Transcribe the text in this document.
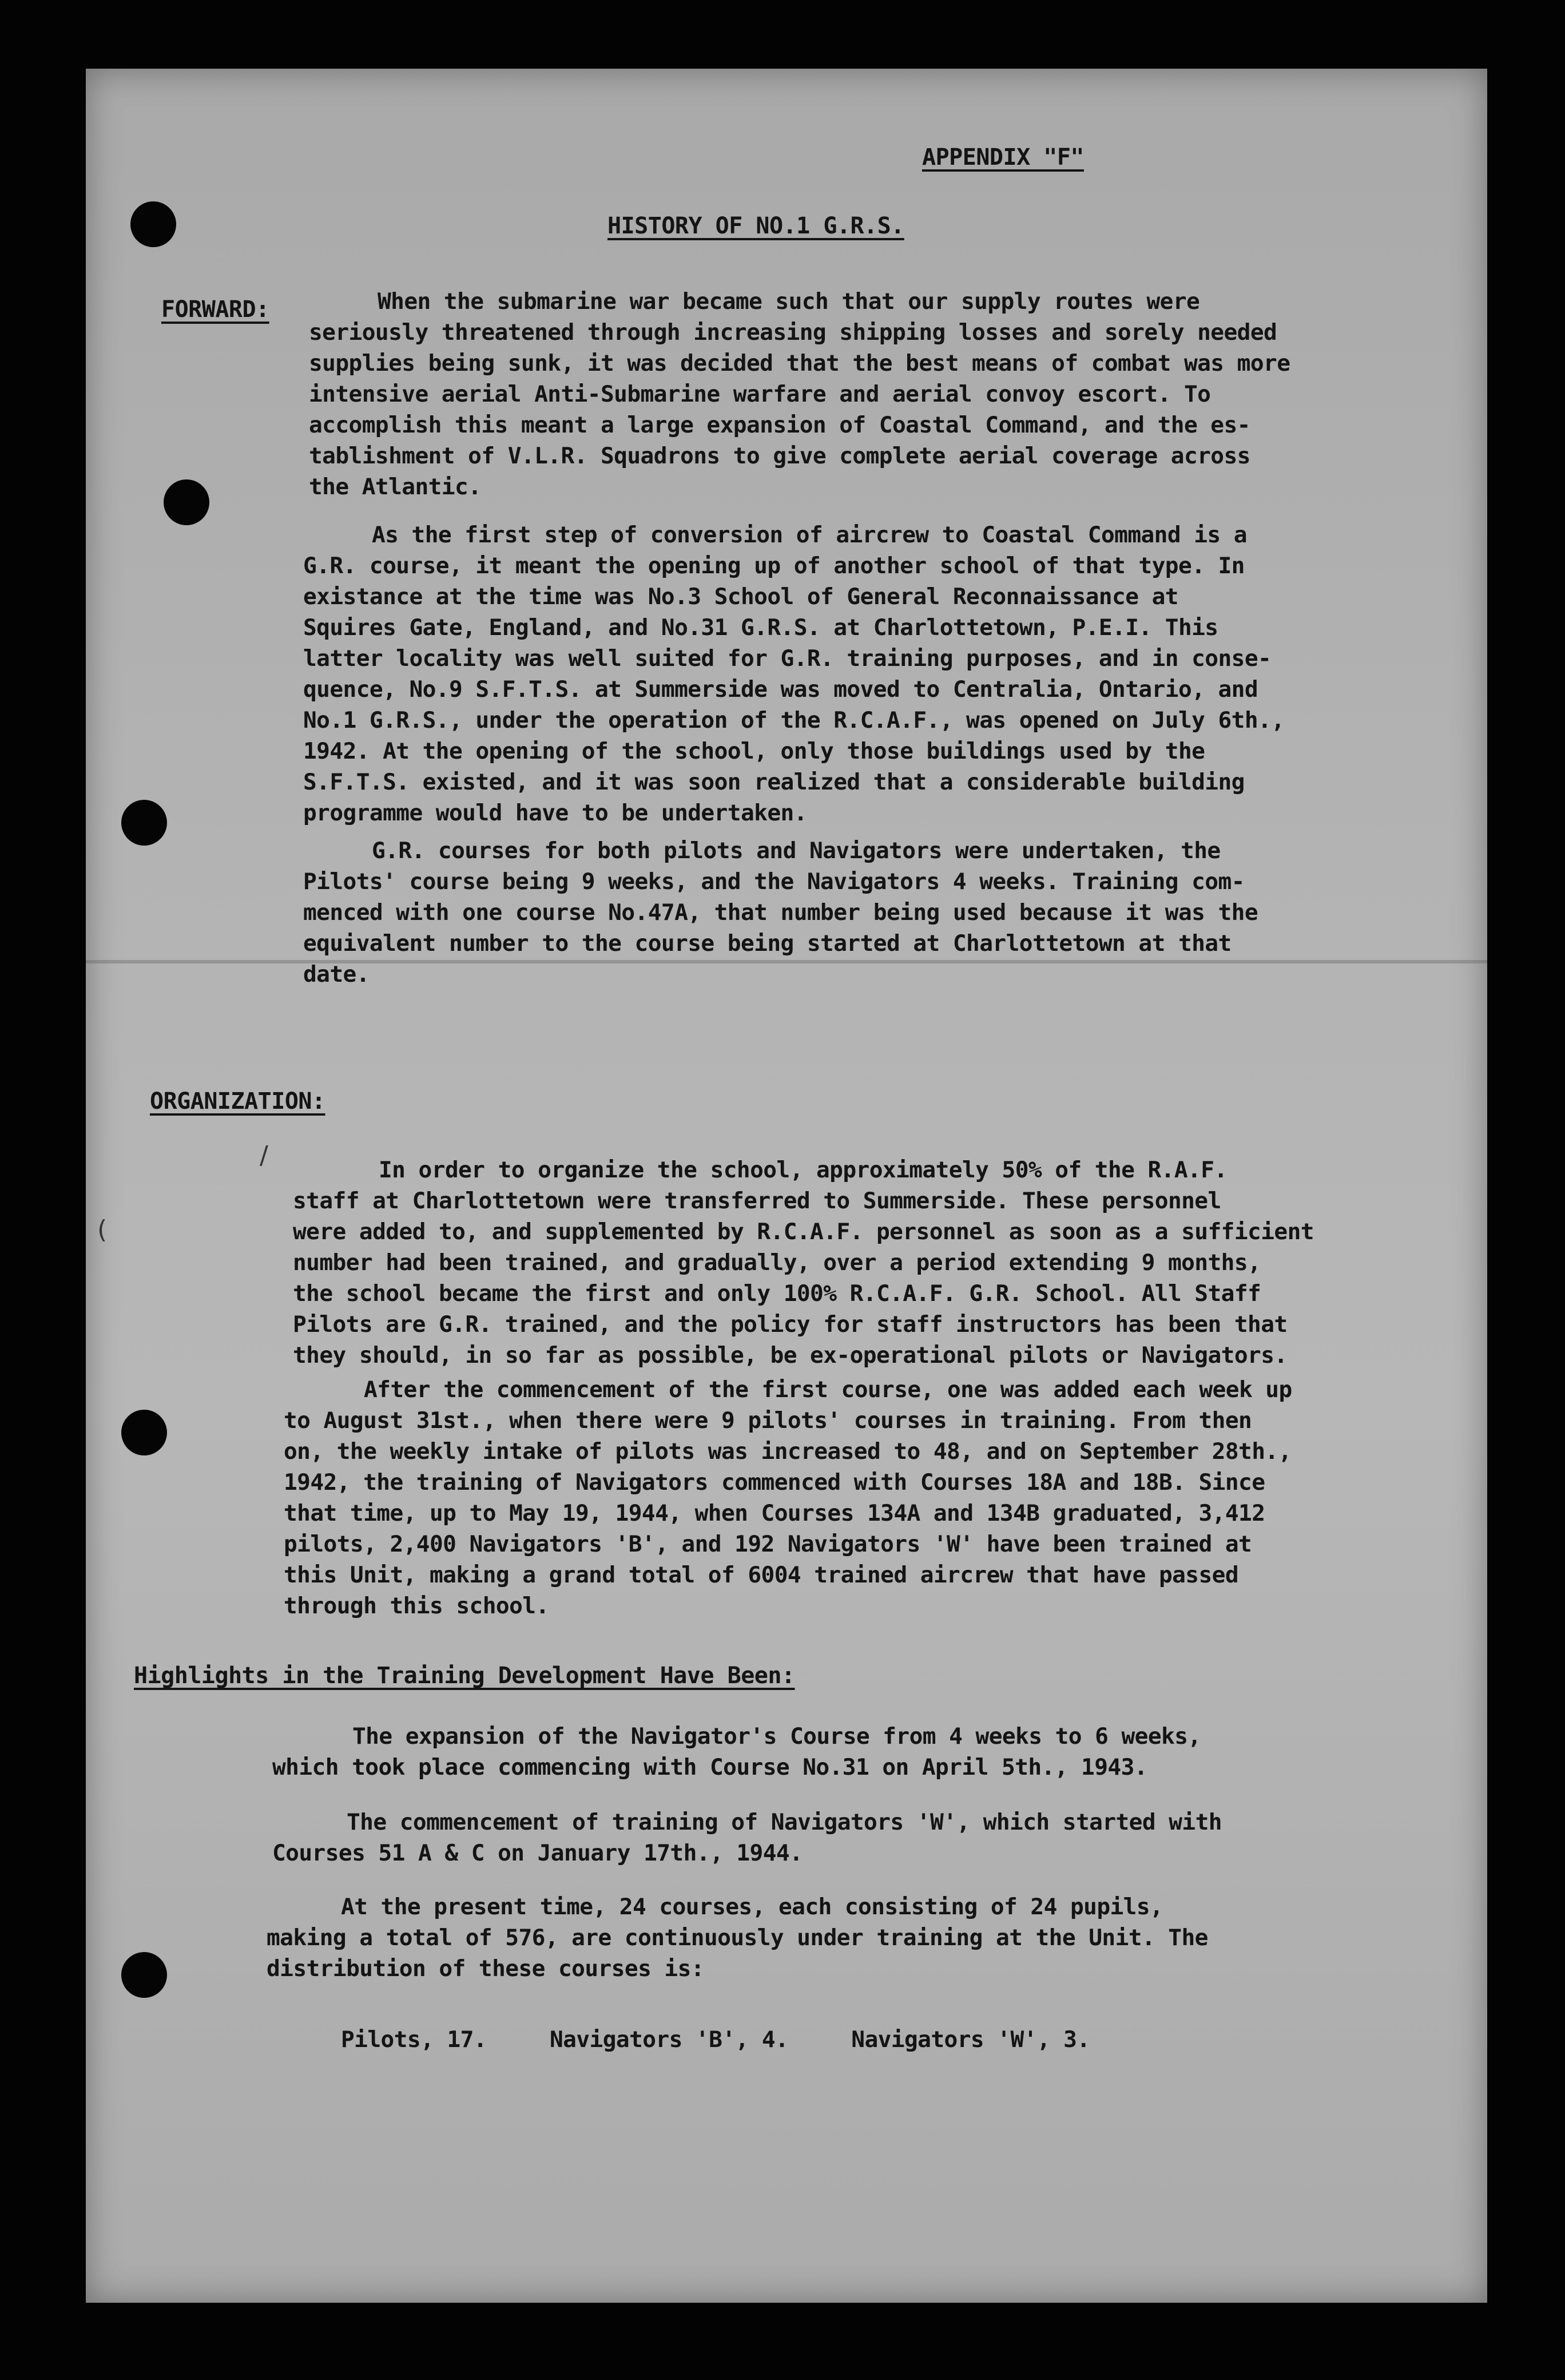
/
(
APPENDIX "F"
HISTORY OF NO.1 G.R.S.
FORWARD:	When the submarine war became such that our supply routes were
seriously threatened through increasing shipping losses and sorely needed
supplies being sunk, it was decided that the best means of combat was more
intensive aerial Anti-Submarine warfare and aerial convoy escort. To
accomplish this meant a large expansion of Coastal Command, and the es-
tablishment of V.L.R. Squadrons to give complete aerial coverage across
the Atlantic.
As the first step of conversion of aircrew to Coastal Command is a
G.R. course, it meant the opening up of another school of that type. In
existance at the time was No.3 School of General Reconnaissance at
Squires Gate, England, and No.31 G.R.S. at Charlottetown, P.E.I. This
latter locality was well suited for G.R. training purposes, and in conse-
quence, No.9 S.F.T.S. at Summerside was moved to Centralia, Ontario, and
No.1 G.R.S., under the operation of the R.C.A.F., was opened on July 6th.,
1942. At the opening of the school, only those buildings used by the
S.F.T.S. existed, and it was soon realized that a considerable building
programme would have to be undertaken.
G.R. courses for both pilots and Navigators were undertaken, the
Pilots' course being 9 weeks, and the Navigators 4 weeks. Training com-
menced with one course No.47A, that number being used because it was the
equivalent number to the course being started at Charlottetown at that
date.
ORGANIZATION:
In order to organize the school, approximately 50% of the R.A.F.
staff at Charlottetown were transferred to Summerside. These personnel
were added to, and supplemented by R.C.A.F. personnel as soon as a sufficient
number had been trained, and gradually, over a period extending 9 months,
the school became the first and only 100% R.C.A.F. G.R. School. All Staff
Pilots are G.R. trained, and the policy for staff instructors has been that
they should, in so far as possible, be ex-operational pilots or Navigators.
After the commencement of the first course, one was added each week up
to August 31st., when there were 9 pilots' courses in training. From then
on, the weekly intake of pilots was increased to 48, and on September 28th.,
1942, the training of Navigators commenced with Courses 18A and 18B. Since
that time, up to May 19, 1944, when Courses 134A and 134B graduated, 3,412
pilots, 2,400 Navigators 'B', and 192 Navigators 'W' have been trained at
this Unit, making a grand total of 6004 trained aircrew that have passed
through this school.
Highlights in the Training Development Have Been:
The expansion of the Navigator's Course from 4 weeks to 6 weeks,
which took place commencing with Course No.31 on April 5th., 1943.
The commencement of training of Navigators 'W', which started with
Courses 51 A & C on January 17th., 1944.
At the present time, 24 courses, each consisting of 24 pupils,
making a total of 576, are continuously under training at the Unit. The
distribution of these courses is:
Pilots, 17.	Navigators 'B', 4.	Navigators 'W', 3.
